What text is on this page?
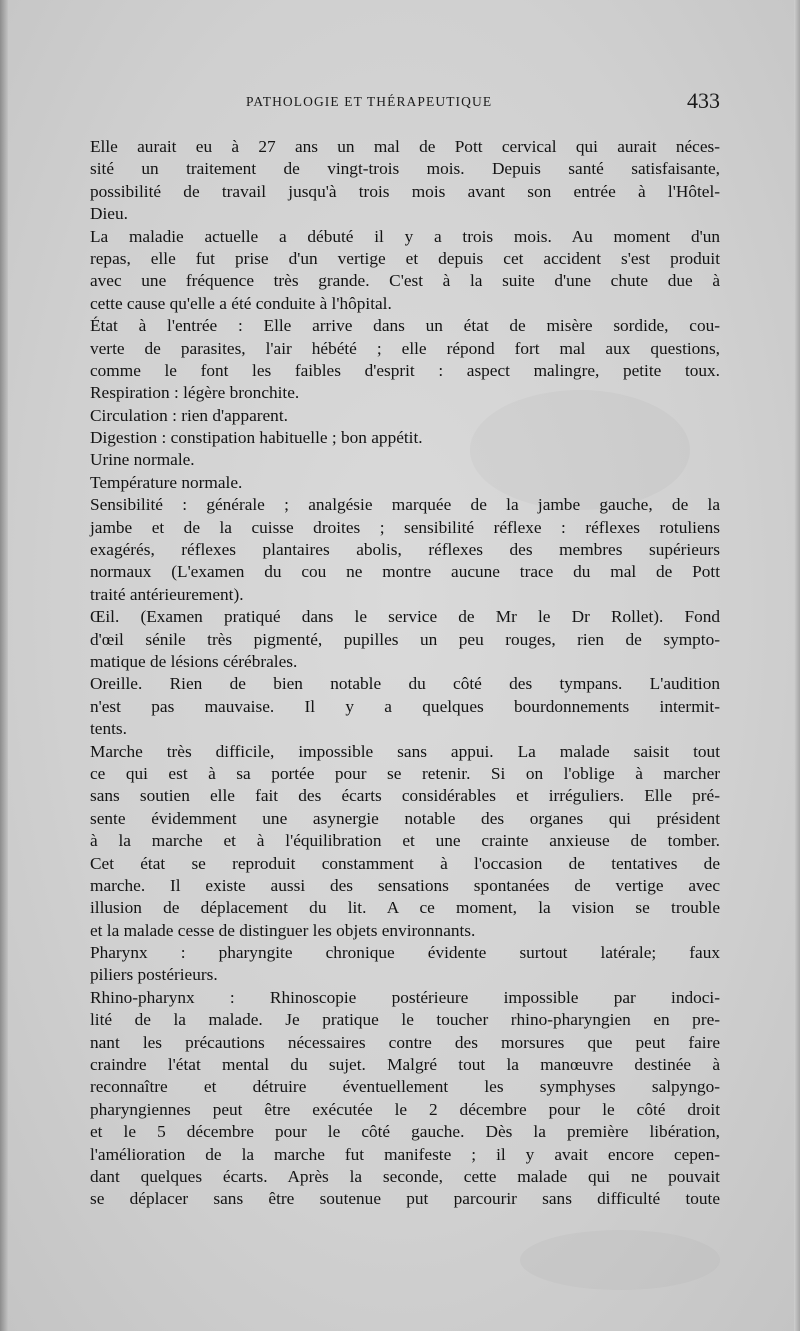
PATHOLOGIE ET THÉRAPEUTIQUE	433
Elle aurait eu à 27 ans un mal de Pott cervical qui aurait néces-
sité un traitement de vingt-trois mois. Depuis santé satisfaisante,
possibilité de travail jusqu'à trois mois avant son entrée à l'Hôtel-
Dieu.
La maladie actuelle a débuté il y a trois mois. Au moment d'un
repas, elle fut prise d'un vertige et depuis cet accident s'est produit
avec une fréquence très grande. C'est à la suite d'une chute due à
cette cause qu'elle a été conduite à l'hôpital.
État à l'entrée : Elle arrive dans un état de misère sordide, cou-
verte de parasites, l'air hébété ; elle répond fort mal aux questions,
comme le font les faibles d'esprit : aspect malingre, petite toux.
Respiration : légère bronchite.
Circulation : rien d'apparent.
Digestion : constipation habituelle ; bon appétit.
Urine normale.
Température normale.
Sensibilité : générale ; analgésie marquée de la jambe gauche, de la
jambe et de la cuisse droites ; sensibilité réflexe : réflexes rotuliens
exagérés, réflexes plantaires abolis, réflexes des membres supérieurs
normaux (L'examen du cou ne montre aucune trace du mal de Pott
traité antérieurement).
Œil. (Examen pratiqué dans le service de Mr le Dr Rollet). Fond
d'œil sénile très pigmenté, pupilles un peu rouges, rien de sympto-
matique de lésions cérébrales.
Oreille. Rien de bien notable du côté des tympans. L'audition
n'est pas mauvaise. Il y a quelques bourdonnements intermit-
tents.
Marche très difficile, impossible sans appui. La malade saisit tout
ce qui est à sa portée pour se retenir. Si on l'oblige à marcher
sans soutien elle fait des écarts considérables et irréguliers. Elle pré-
sente évidemment une asynergie notable des organes qui président
à la marche et à l'équilibration et une crainte anxieuse de tomber.
Cet état se reproduit constamment à l'occasion de tentatives de
marche. Il existe aussi des sensations spontanées de vertige avec
illusion de déplacement du lit. A ce moment, la vision se trouble
et la malade cesse de distinguer les objets environnants.
Pharynx : pharyngite chronique évidente surtout latérale; faux
piliers postérieurs.
Rhino-pharynx : Rhinoscopie postérieure impossible par indoci-
lité de la malade. Je pratique le toucher rhino-pharyngien en pre-
nant les précautions nécessaires contre des morsures que peut faire
craindre l'état mental du sujet. Malgré tout la manœuvre destinée à
reconnaître et détruire éventuellement les symphyses salpyngo-
pharyngiennes peut être exécutée le 2 décembre pour le côté droit
et le 5 décembre pour le côté gauche. Dès la première libération,
l'amélioration de la marche fut manifeste ; il y avait encore cepen-
dant quelques écarts. Après la seconde, cette malade qui ne pouvait
se déplacer sans être soutenue put parcourir sans difficulté toute
